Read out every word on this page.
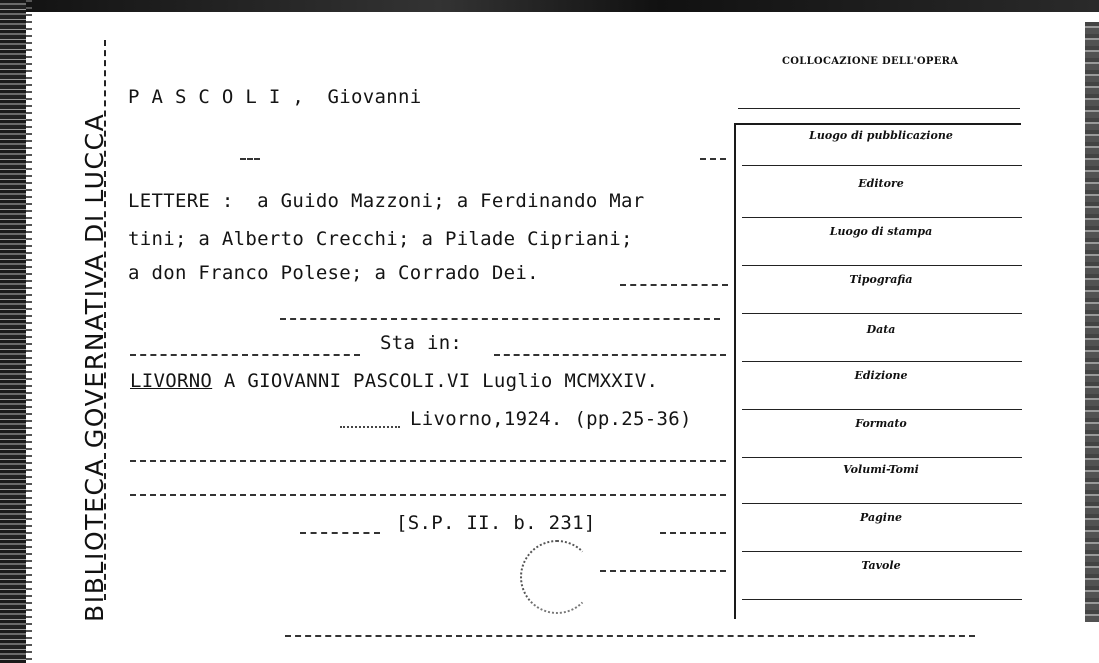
BIBLIOTECA GOVERNATIVA DI LUCCA
P A S C O L I ,  Giovanni
LETTERE :  a Guido Mazzoni; a Ferdinando Mar
tini; a Alberto Crecchi; a Pilade Cipriani;
a don Franco Polese; a Corrado Dei.
Sta in:
LIVORNO A GIOVANNI PASCOLI.VI Luglio MCMXXIV.
Livorno,1924. (pp.25-36)
[S.P. II. b. 231]
COLLOCAZIONE DELL'OPERA
Luogo di pubblicazione
Editore
Luogo di stampa
Tipografia
Data
Edizione
Formato
Volumi-Tomi
Pagine
Tavole
